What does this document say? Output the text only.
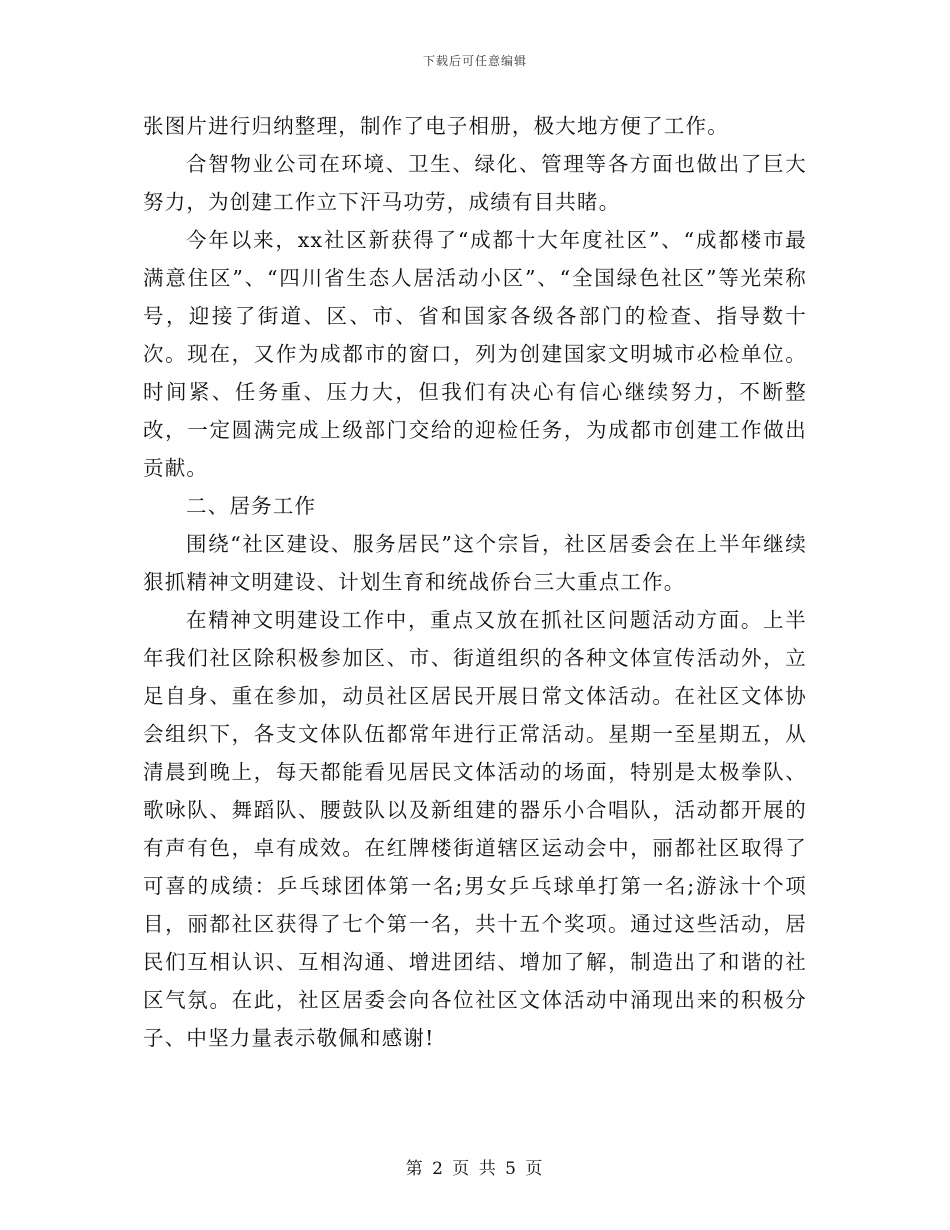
下载后可任意编辑

张图片进行归纳整理，制作了电子相册，极大地方便了工作。

合智物业公司在环境、卫生、绿化、管理等各方面也做出了巨大努力，为创建工作立下汗马功劳，成绩有目共睹。

今年以来，xx社区新获得了“成都十大年度社区”、“成都楼市最满意住区”、“四川省生态人居活动小区”、“全国绿色社区”等光荣称号，迎接了街道、区、市、省和国家各级各部门的检查、指导数十次。现在，又作为成都市的窗口，列为创建国家文明城市必检单位。时间紧、任务重、压力大，但我们有决心有信心继续努力，不断整改，一定圆满完成上级部门交给的迎检任务，为成都市创建工作做出贡献。

二、居务工作

围绕“社区建设、服务居民”这个宗旨，社区居委会在上半年继续狠抓精神文明建设、计划生育和统战侨台三大重点工作。

在精神文明建设工作中，重点又放在抓社区问题活动方面。上半年我们社区除积极参加区、市、街道组织的各种文体宣传活动外，立足自身、重在参加，动员社区居民开展日常文体活动。在社区文体协会组织下，各支文体队伍都常年进行正常活动。星期一至星期五，从清晨到晚上，每天都能看见居民文体活动的场面，特别是太极拳队、歌咏队、舞蹈队、腰鼓队以及新组建的器乐小合唱队，活动都开展的有声有色，卓有成效。在红牌楼街道辖区运动会中，丽都社区取得了可喜的成绩：乒乓球团体第一名;男女乒乓球单打第一名;游泳十个项目，丽都社区获得了七个第一名，共十五个奖项。通过这些活动，居民们互相认识、互相沟通、增进团结、增加了解，制造出了和谐的社区气氛。在此，社区居委会向各位社区文体活动中涌现出来的积极分子、中坚力量表示敬佩和感谢!

第 2 页 共 5 页
